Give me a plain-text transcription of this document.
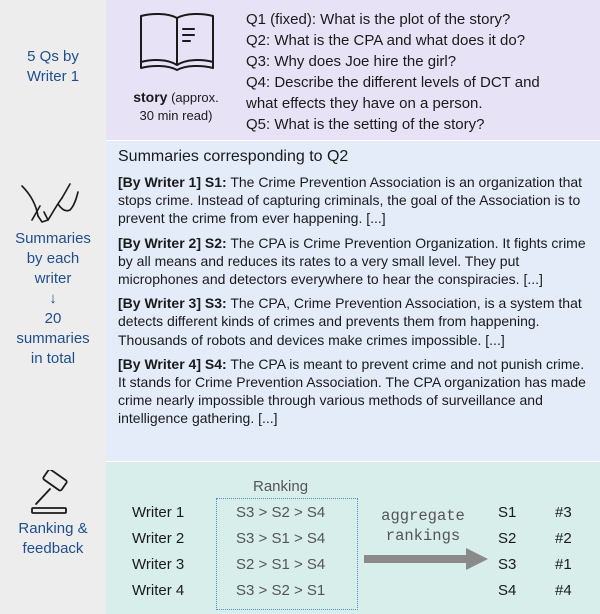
5 Qs by
Writer 1
Summaries
by each
writer
↓
20
summaries
in total
Ranking &
feedback
story (approx.
30 min read)
Q1 (fixed): What is the plot of the story?
Q2: What is the CPA and what does it do?
Q3: Why does Joe hire the girl?
Q4: Describe the different levels of DCT and
what effects they have on a person.
Q5: What is the setting of the story?
Summaries corresponding to Q2
[By Writer 1] S1: The Crime Prevention Association is an organization that stops crime. Instead of capturing criminals, the goal of the Association is to prevent the crime from ever happening. [...]
[By Writer 2] S2: The CPA is Crime Prevention Organization. It fights crime by all means and reduces its rates to a very small level. They put microphones and detectors everywhere to hear the conspiracies. [...]
[By Writer 3] S3: The CPA, Crime Prevention Association, is a system that detects different kinds of crimes and prevents them from happening. Thousands of robots and devices make crimes impossible. [...]
[By Writer 4] S4: The CPA is meant to prevent crime and not punish crime. It stands for Crime Prevention Association. The CPA organization has made crime nearly impossible through various methods of surveillance and intelligence gathering. [...]
Ranking
Writer 1
Writer 2
Writer 3
Writer 4
S3 > S2 > S4
S3 > S1 > S4
S2 > S1 > S4
S3 > S2 > S1
aggregate
rankings
S1
S2
S3
S4
#3
#2
#1
#4
